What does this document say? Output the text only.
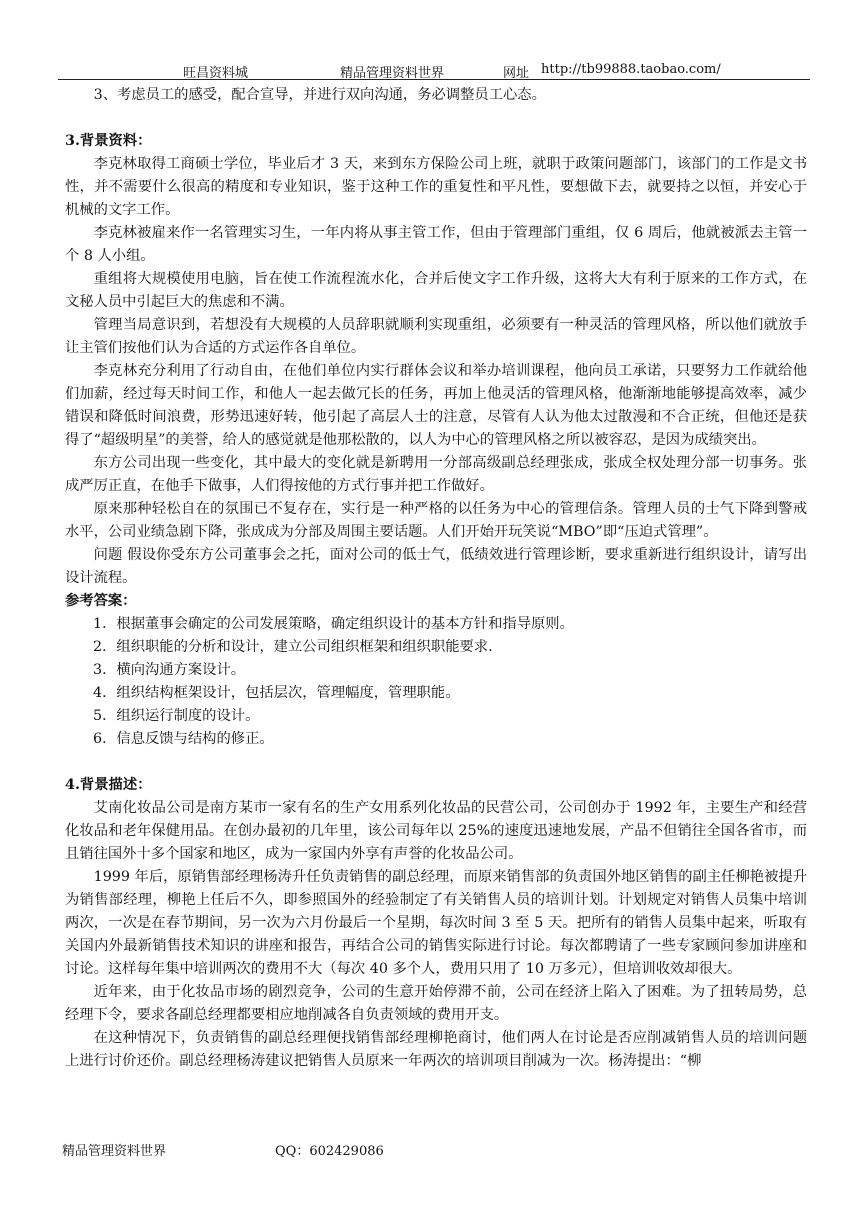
旺昌资料城	精品管理资料世界	网址 http://tb99888.taobao.com/

3、考虑员工的感受，配合宣导，并进行双向沟通，务必调整员工心态。

3.背景资料：

李克林取得工商硕士学位，毕业后才 3 天，来到东方保险公司上班，就职于政策问题部门，该部门的工作是文书性，并不需要什么很高的精度和专业知识，鉴于这种工作的重复性和平凡性，要想做下去，就要持之以恒，并安心于机械的文字工作。

李克林被雇来作一名管理实习生，一年内将从事主管工作，但由于管理部门重组，仅 6 周后，他就被派去主管一个 8 人小组。

重组将大规模使用电脑，旨在使工作流程流水化，合并后使文字工作升级，这将大大有利于原来的工作方式，在文秘人员中引起巨大的焦虑和不满。

管理当局意识到，若想没有大规模的人员辞职就顺利实现重组，必须要有一种灵活的管理风格，所以他们就放手让主管们按他们认为合适的方式运作各自单位。

李克林充分利用了行动自由，在他们单位内实行群体会议和举办培训课程，他向员工承诺，只要努力工作就给他们加薪，经过每天时间工作，和他人一起去做冗长的任务，再加上他灵活的管理风格，他渐渐地能够提高效率，减少错误和降低时间浪费，形势迅速好转，他引起了高层人士的注意，尽管有人认为他太过散漫和不合正统，但他还是获得了“超级明星”的美誉，给人的感觉就是他那松散的，以人为中心的管理风格之所以被容忍，是因为成绩突出。

东方公司出现一些变化，其中最大的变化就是新聘用一分部高级副总经理张成，张成全权处理分部一切事务。张成严厉正直，在他手下做事，人们得按他的方式行事并把工作做好。

原来那种轻松自在的氛围已不复存在，实行是一种严格的以任务为中心的管理信条。管理人员的士气下降到警戒水平，公司业绩急剧下降，张成成为分部及周围主要话题。人们开始开玩笑说“MBO”即“压迫式管理”。

问题 假设你受东方公司董事会之托，面对公司的低士气，低绩效进行管理诊断，要求重新进行组织设计，请写出设计流程。

参考答案：

1．根据董事会确定的公司发展策略，确定组织设计的基本方针和指导原则。

2．组织职能的分析和设计，建立公司组织框架和组织职能要求.

3．横向沟通方案设计。

4．组织结构框架设计，包括层次，管理幅度，管理职能。

5．组织运行制度的设计。

6．信息反馈与结构的修正。

4.背景描述：

艾南化妆品公司是南方某市一家有名的生产女用系列化妆品的民营公司，公司创办于 1992 年，主要生产和经营化妆品和老年保健用品。在创办最初的几年里，该公司每年以 25%的速度迅速地发展，产品不但销往全国各省市，而且销往国外十多个国家和地区，成为一家国内外享有声誉的化妆品公司。

1999 年后，原销售部经理杨涛升任负责销售的副总经理，而原来销售部的负责国外地区销售的副主任柳艳被提升为销售部经理，柳艳上任后不久，即参照国外的经验制定了有关销售人员的培训计划。计划规定对销售人员集中培训两次，一次是在春节期间，另一次为六月份最后一个星期，每次时间 3 至 5 天。把所有的销售人员集中起来，听取有关国内外最新销售技术知识的讲座和报告，再结合公司的销售实际进行讨论。每次都聘请了一些专家顾问参加讲座和讨论。这样每年集中培训两次的费用不大（每次 40 多个人，费用只用了 10 万多元），但培训收效却很大。

近年来，由于化妆品市场的剧烈竞争，公司的生意开始停滞不前，公司在经济上陷入了困难。为了扭转局势，总经理下令，要求各副总经理都要相应地削减各自负责领域的费用开支。

在这种情况下，负责销售的副总经理便找销售部经理柳艳商讨，他们两人在讨论是否应削减销售人员的培训问题上进行讨价还价。副总经理杨涛建议把销售人员原来一年两次的培训项目削减为一次。杨涛提出：“柳

精品管理资料世界	QQ：602429086
